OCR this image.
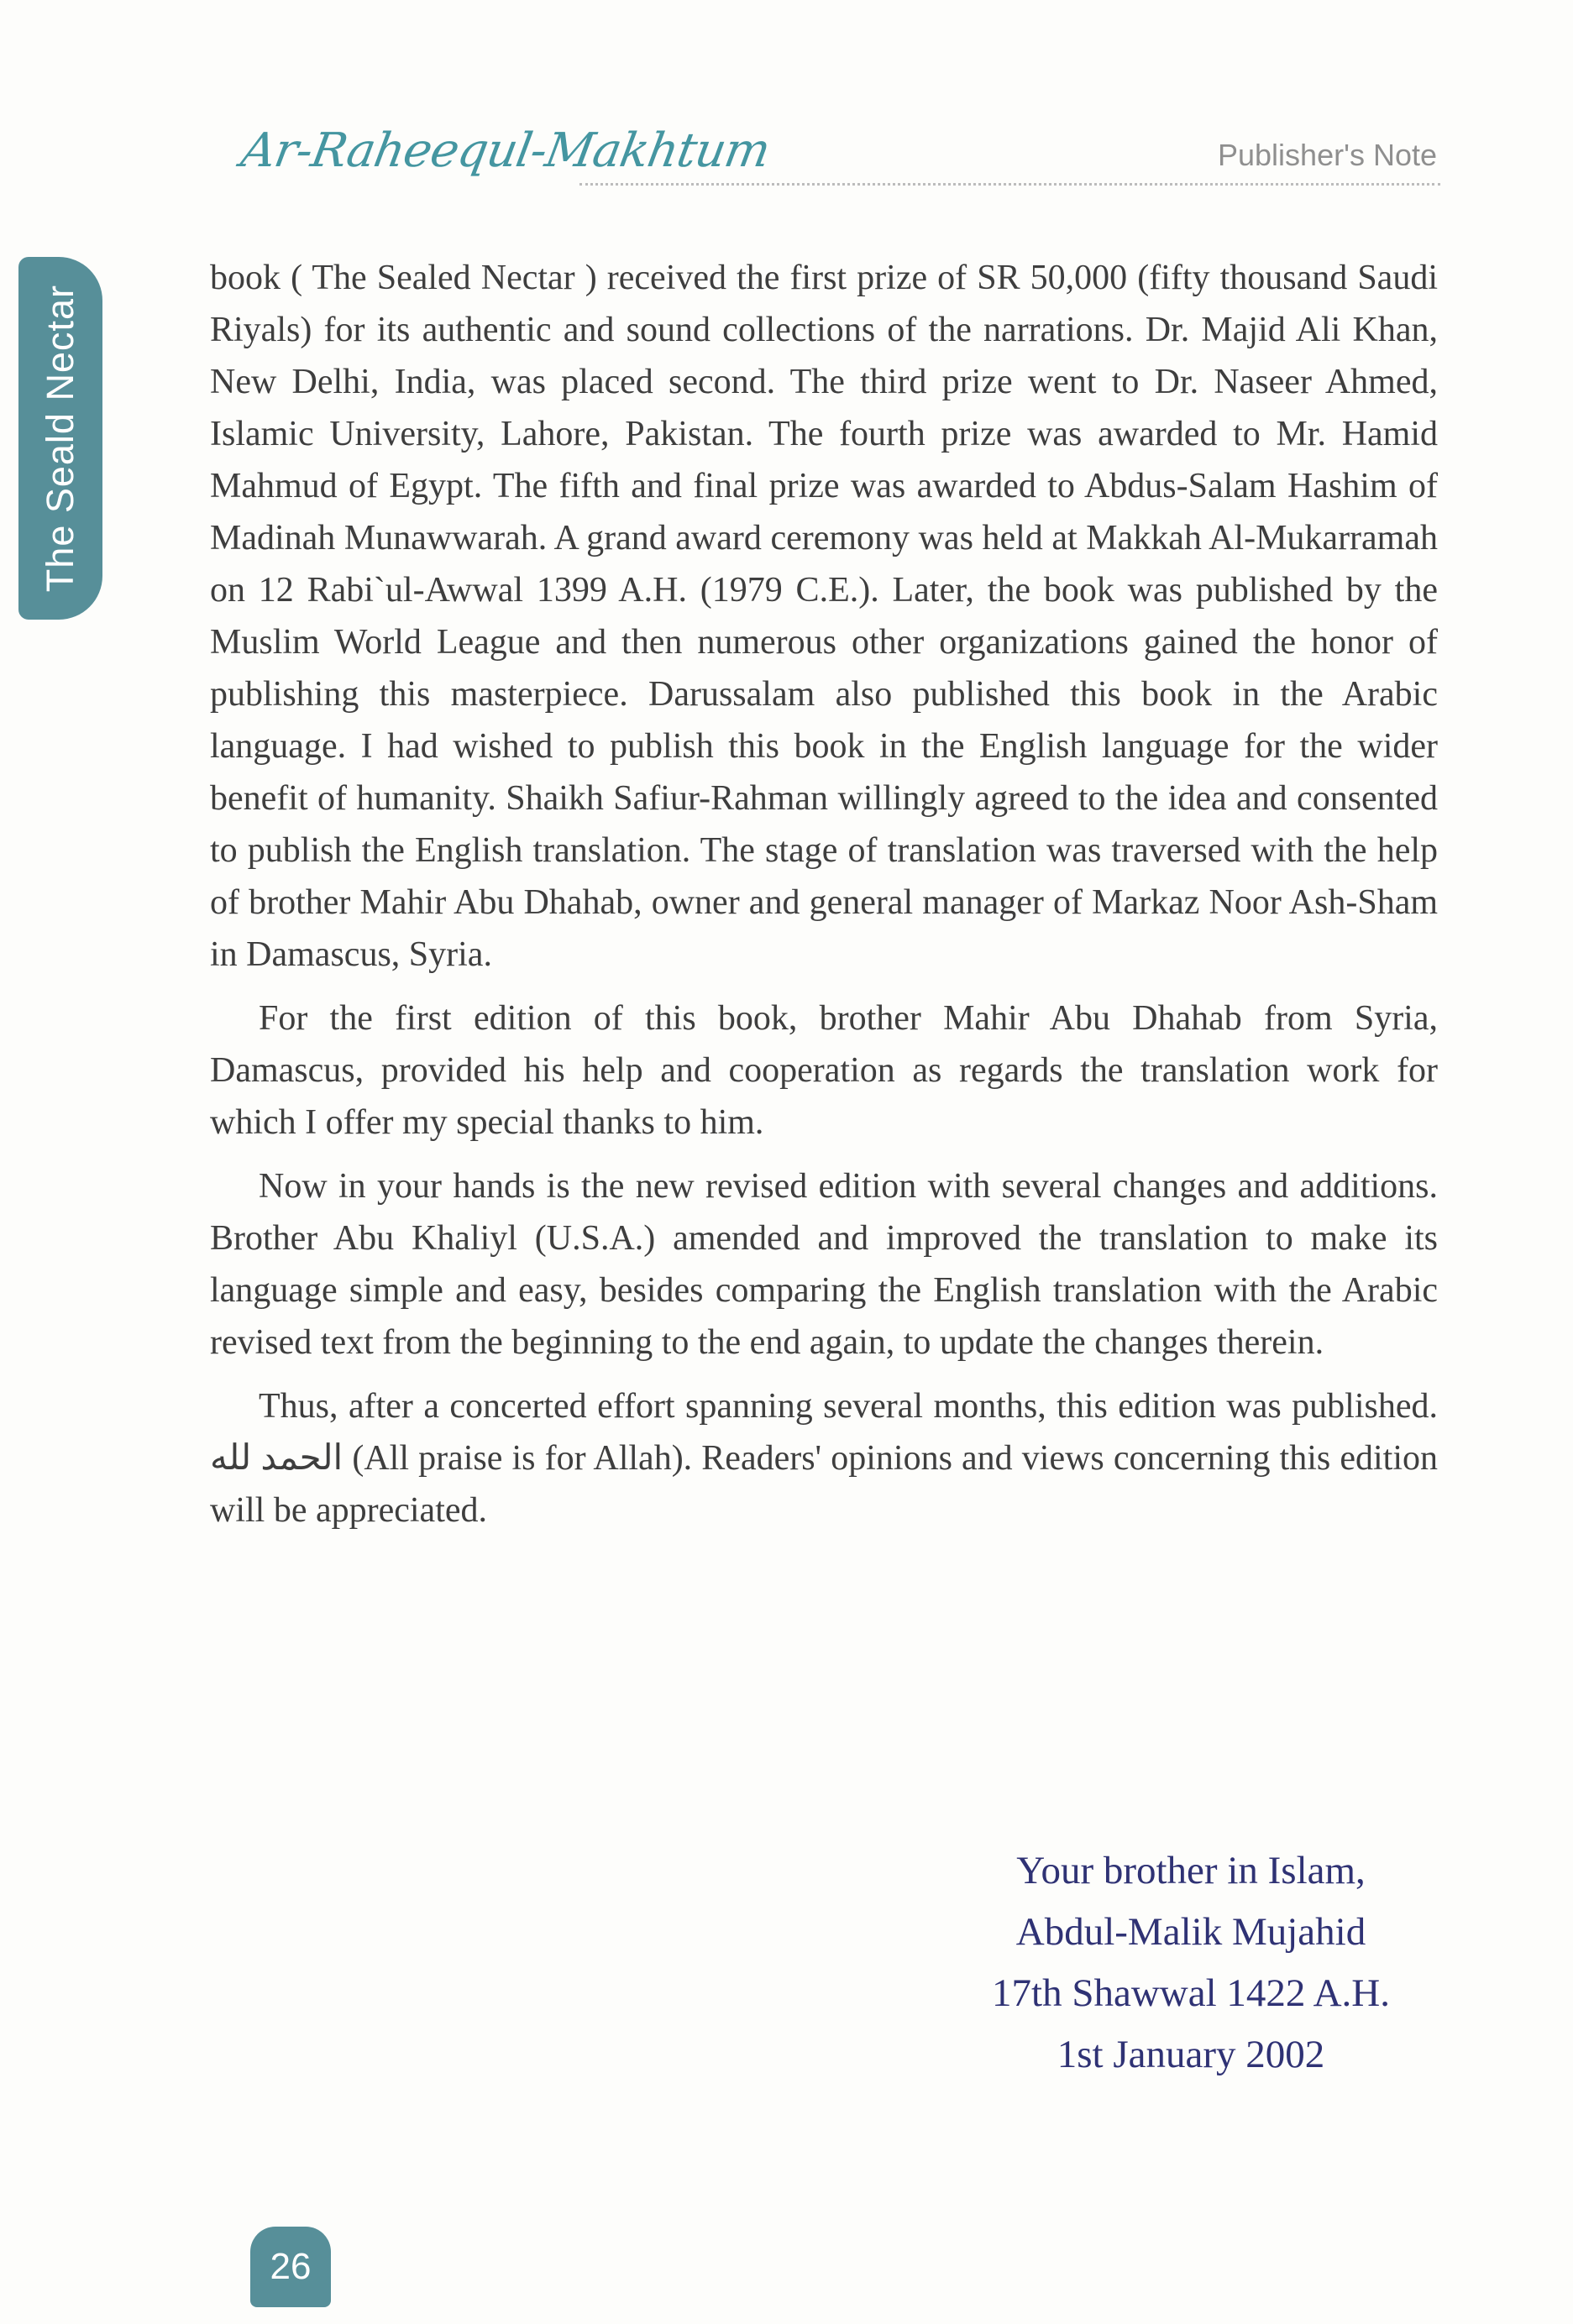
Ar-Raheequl-Makhtum	Publisher's Note
The Seald Nectar

book ( The Sealed Nectar ) received the first prize of SR 50,000 (fifty thousand Saudi Riyals) for its authentic and sound collections of the narrations. Dr. Majid Ali Khan, New Delhi, India, was placed second. The third prize went to Dr. Naseer Ahmed, Islamic University, Lahore, Pakistan. The fourth prize was awarded to Mr. Hamid Mahmud of Egypt. The fifth and final prize was awarded to Abdus-Salam Hashim of Madinah Munawwarah. A grand award ceremony was held at Makkah Al-Mukarramah on 12 Rabi`ul-Awwal 1399 A.H. (1979 C.E.). Later, the book was published by the Muslim World League and then numerous other organizations gained the honor of publishing this masterpiece. Darussalam also published this book in the Arabic language. I had wished to publish this book in the English language for the wider benefit of humanity. Shaikh Safiur-Rahman willingly agreed to the idea and consented to publish the English translation. The stage of translation was traversed with the help of brother Mahir Abu Dhahab, owner and general manager of Markaz Noor Ash-Sham in Damascus, Syria.

For the first edition of this book, brother Mahir Abu Dhahab from Syria, Damascus, provided his help and cooperation as regards the translation work for which I offer my special thanks to him.

Now in your hands is the new revised edition with several changes and additions. Brother Abu Khaliyl (U.S.A.) amended and improved the translation to make its language simple and easy, besides comparing the English translation with the Arabic revised text from the beginning to the end again, to update the changes therein.

Thus, after a concerted effort spanning several months, this edition was published. الحمد لله (All praise is for Allah). Readers' opinions and views concerning this edition will be appreciated.

Your brother in Islam,
Abdul-Malik Mujahid
17th Shawwal 1422 A.H.
1st January 2002
26
